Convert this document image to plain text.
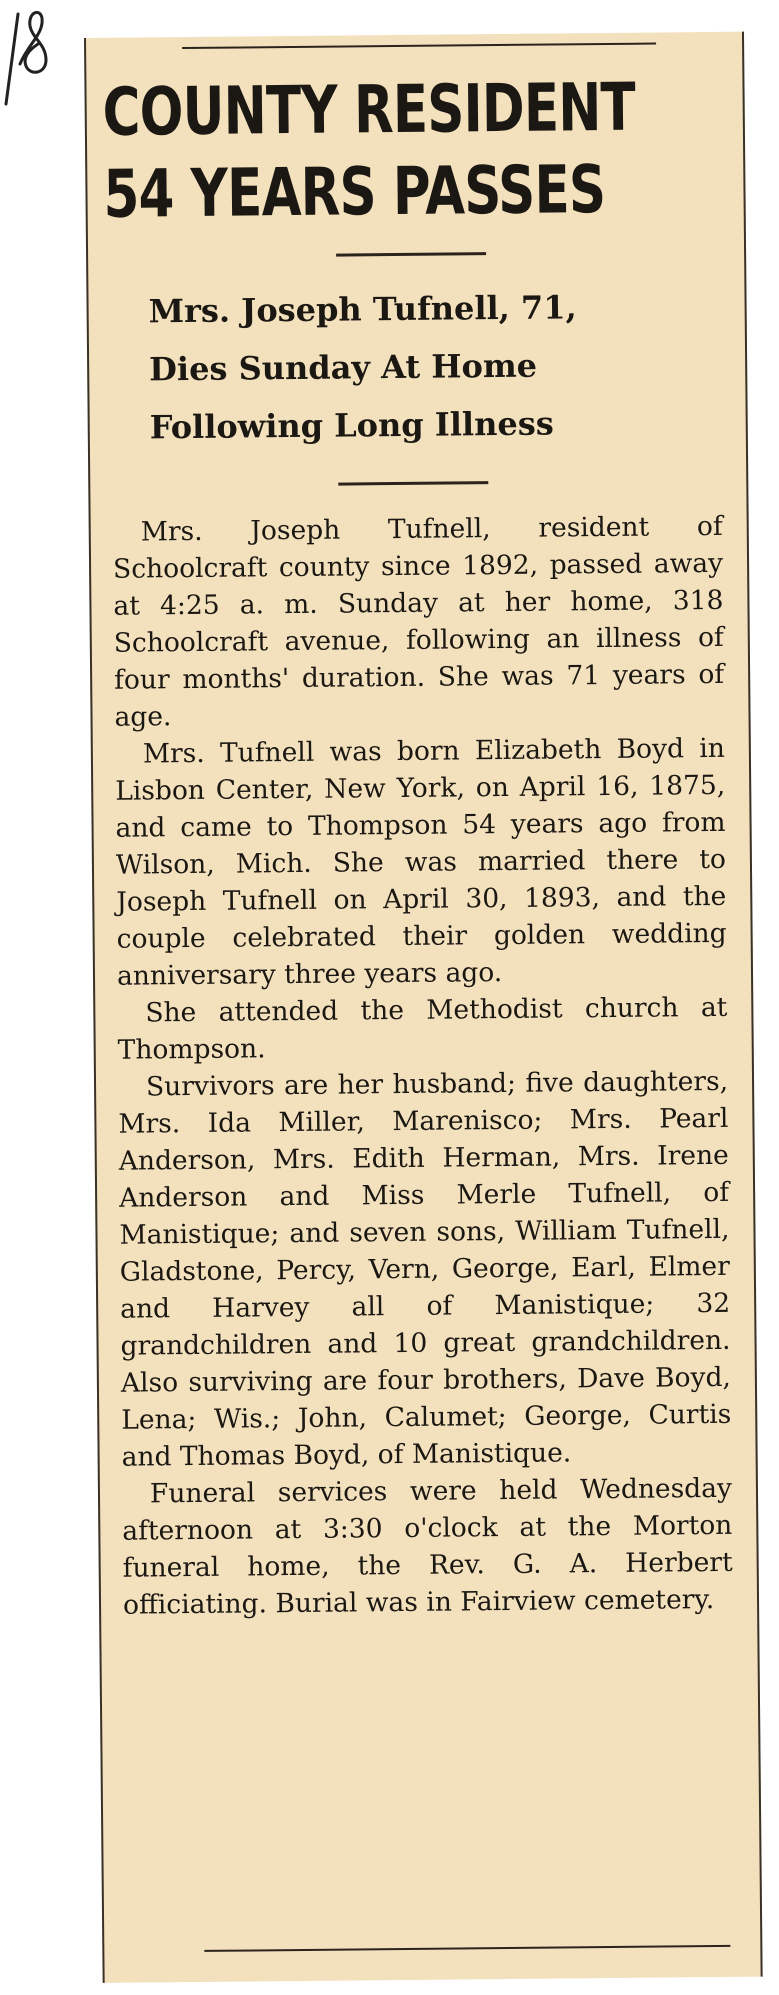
COUNTY RESIDENT
54 YEARS PASSES
Mrs. Joseph Tufnell, 71,
Dies Sunday At Home
Following Long Illness

Mrs. Joseph Tufnell, resident of Schoolcraft county since 1892, passed away at 4:25 a. m. Sunday at her home, 318 Schoolcraft avenue, following an illness of four months' duration. She was 71 years of age.

Mrs. Tufnell was born Elizabeth Boyd in Lisbon Center, New York, on April 16, 1875, and came to Thompson 54 years ago from Wilson, Mich. She was married there to Joseph Tufnell on April 30, 1893, and the couple celebrated their golden wedding anniversary three years ago.

She attended the Methodist church at Thompson.

Survivors are her husband; five daughters, Mrs. Ida Miller, Marenisco; Mrs. Pearl Anderson, Mrs. Edith Herman, Mrs. Irene Anderson and Miss Merle Tufnell, of Manistique; and seven sons, William Tufnell, Gladstone, Percy, Vern, George, Earl, Elmer and Harvey all of Manistique; 32 grandchildren and 10 great grandchildren. Also surviving are four brothers, Dave Boyd, Lena; Wis.; John, Calumet; George, Curtis and Thomas Boyd, of Manistique.

Funeral services were held Wednesday afternoon at 3:30 o'clock at the Morton funeral home, the Rev. G. A. Herbert officiating. Burial was in Fairview cemetery.
